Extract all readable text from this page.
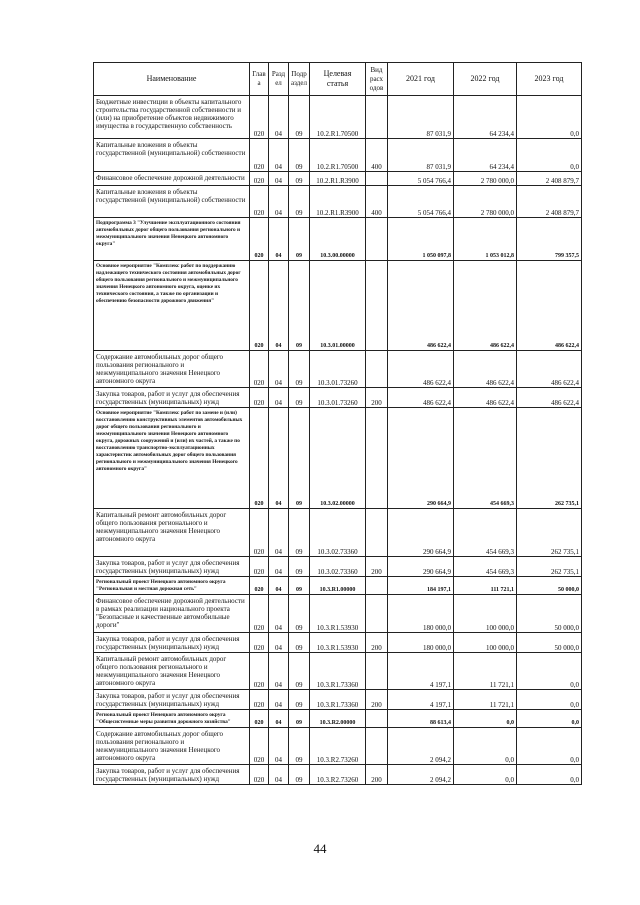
Наименование	Глав а	Разд ел	Подр аздел	Целевая статья	Вид расх одов	2021 год	2022 год	2023 год
Бюджетные инвестиции в объекты капитального строительства государственной собственности и (или) на приобретение объектов недвижимого имущества в государственную собственность	020	04	09	10.2.R1.70500		87 031,9	64 234,4	0,0
Капитальные вложения в объекты государственной (муниципальной) собственности	020	04	09	10.2.R1.70500	400	87 031,9	64 234,4	0,0
Финансовое обеспечение дорожной деятельности	020	04	09	10.2.R1.R3900		5 054 766,4	2 780 000,0	2 408 879,7
Капитальные вложения в объекты государственной (муниципальной) собственности	020	04	09	10.2.R1.R3900	400	5 054 766,4	2 780 000,0	2 408 879,7
Подпрограмма 3 "Улучшение эксплуатационного состояния автомобильных дорог общего пользования регионального и межмуниципального значения Ненецкого автономного округа"	020	04	09	10.3.00.00000		1 050 097,8	1 053 012,8	799 357,5
Основное мероприятие "Комплекс работ по поддержанию надлежащего технического состояния автомобильных дорог общего пользования регионального и межмуниципального значения Ненецкого автономного округа, оценке их технического состояния, а также по организации и обеспечению безопасности дорожного движения"	020	04	09	10.3.01.00000		486 622,4	486 622,4	486 622,4
Содержание автомобильных дорог общего пользования регионального и межмуниципального значения Ненецкого автономного округа	020	04	09	10.3.01.73260		486 622,4	486 622,4	486 622,4
Закупка товаров, работ и услуг для обеспечения государственных (муниципальных) нужд	020	04	09	10.3.01.73260	200	486 622,4	486 622,4	486 622,4
Основное мероприятие "Комплекс работ по замене и (или) восстановлению конструктивных элементов автомобильных дорог общего пользования регионального и межмуниципального значения Ненецкого автономного округа, дорожных сооружений и (или) их частей, а также по восстановлению транспортно-эксплуатационных характеристик автомобильных дорог общего пользования регионального и межмуниципального значения Ненецкого автономного округа"	020	04	09	10.3.02.00000		290 664,9	454 669,3	262 735,1
Капитальный ремонт автомобильных дорог общего пользования регионального и межмуниципального значения Ненецкого автономного округа	020	04	09	10.3.02.73360		290 664,9	454 669,3	262 735,1
Закупка товаров, работ и услуг для обеспечения государственных (муниципальных) нужд	020	04	09	10.3.02.73360	200	290 664,9	454 669,3	262 735,1
Региональный проект Ненецкого автономного округа "Региональная и местная дорожная сеть"	020	04	09	10.3.R1.00000		184 197,1	111 721,1	50 000,0
Финансовое обеспечение дорожной деятельности в рамках реализации национального проекта "Безопасные и качественные автомобильные дороги"	020	04	09	10.3.R1.53930		180 000,0	100 000,0	50 000,0
Закупка товаров, работ и услуг для обеспечения государственных (муниципальных) нужд	020	04	09	10.3.R1.53930	200	180 000,0	100 000,0	50 000,0
Капитальный ремонт автомобильных дорог общего пользования регионального и межмуниципального значения Ненецкого автономного округа	020	04	09	10.3.R1.73360		4 197,1	11 721,1	0,0
Закупка товаров, работ и услуг для обеспечения государственных (муниципальных) нужд	020	04	09	10.3.R1.73360	200	4 197,1	11 721,1	0,0
Региональный проект Ненецкого автономного округа "Общесистемные меры развития дорожного хозяйства"	020	04	09	10.3.R2.00000		88 613,4	0,0	0,0
Содержание автомобильных дорог общего пользования регионального и межмуниципального значения Ненецкого автономного округа	020	04	09	10.3.R2.73260		2 094,2	0,0	0,0
Закупка товаров, работ и услуг для обеспечения государственных (муниципальных) нужд	020	04	09	10.3.R2.73260	200	2 094,2	0,0	0,0
44
